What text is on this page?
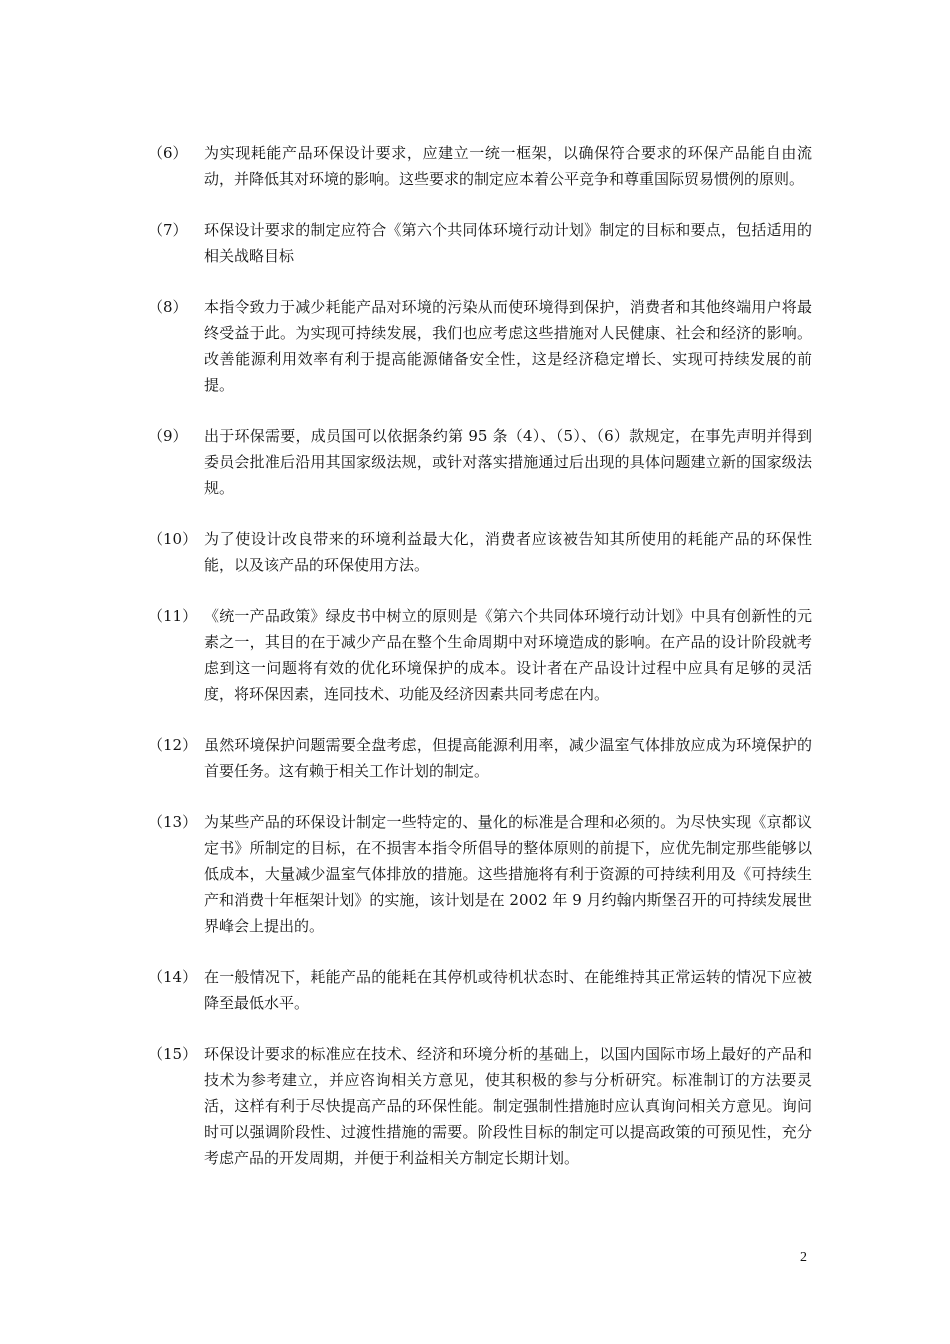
（6）	为实现耗能产品环保设计要求，应建立一统一框架，以确保符合要求的环保产品能自由流动，并降低其对环境的影响。这些要求的制定应本着公平竞争和尊重国际贸易惯例的原则。
（7）	环保设计要求的制定应符合《第六个共同体环境行动计划》制定的目标和要点，包括适用的相关战略目标
（8）	本指令致力于减少耗能产品对环境的污染从而使环境得到保护，消费者和其他终端用户将最终受益于此。为实现可持续发展，我们也应考虑这些措施对人民健康、社会和经济的影响。改善能源利用效率有利于提高能源储备安全性，这是经济稳定增长、实现可持续发展的前提。
（9）	出于环保需要，成员国可以依据条约第 95 条（4）、（5）、（6）款规定，在事先声明并得到委员会批准后沿用其国家级法规，或针对落实措施通过后出现的具体问题建立新的国家级法规。
（10） 为了使设计改良带来的环境利益最大化，消费者应该被告知其所使用的耗能产品的环保性能，以及该产品的环保使用方法。
（11） 《统一产品政策》绿皮书中树立的原则是《第六个共同体环境行动计划》中具有创新性的元素之一，其目的在于减少产品在整个生命周期中对环境造成的影响。在产品的设计阶段就考虑到这一问题将有效的优化环境保护的成本。设计者在产品设计过程中应具有足够的灵活度，将环保因素，连同技术、功能及经济因素共同考虑在内。
（12） 虽然环境保护问题需要全盘考虑，但提高能源利用率，减少温室气体排放应成为环境保护的首要任务。这有赖于相关工作计划的制定。
（13） 为某些产品的环保设计制定一些特定的、量化的标准是合理和必须的。为尽快实现《京都议定书》所制定的目标，在不损害本指令所倡导的整体原则的前提下，应优先制定那些能够以低成本，大量减少温室气体排放的措施。这些措施将有利于资源的可持续利用及《可持续生产和消费十年框架计划》的实施，该计划是在 2002 年 9 月约翰内斯堡召开的可持续发展世界峰会上提出的。
（14） 在一般情况下，耗能产品的能耗在其停机或待机状态时、在能维持其正常运转的情况下应被降至最低水平。
（15） 环保设计要求的标准应在技术、经济和环境分析的基础上，以国内国际市场上最好的产品和技术为参考建立，并应咨询相关方意见，使其积极的参与分析研究。标准制订的方法要灵活，这样有利于尽快提高产品的环保性能。制定强制性措施时应认真询问相关方意见。询问时可以强调阶段性、过渡性措施的需要。阶段性目标的制定可以提高政策的可预见性，充分考虑产品的开发周期，并便于利益相关方制定长期计划。
2
